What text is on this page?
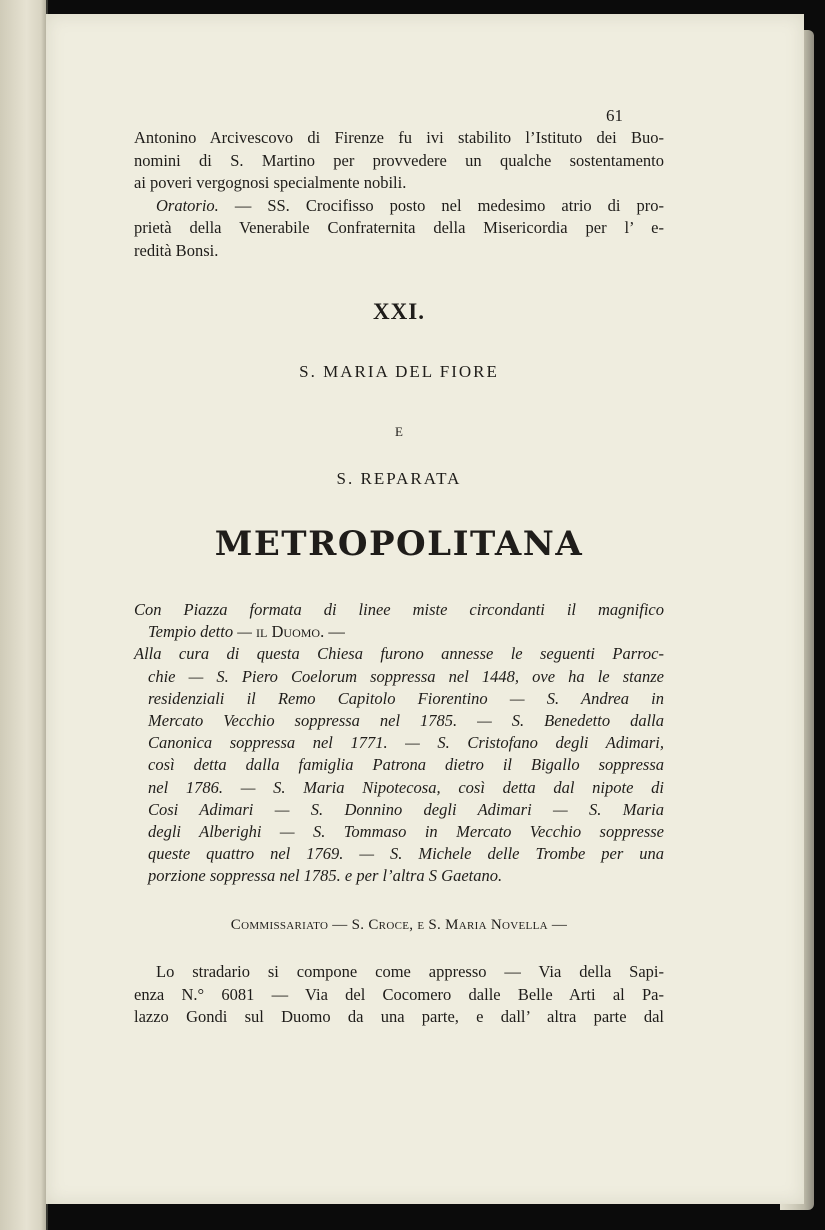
61

Antonino Arcivescovo di Firenze fu ivi stabilito l’Istituto dei Buo-
nomini di S. Martino per provvedere un qualche sostentamento
ai poveri vergognosi specialmente nobili.

Oratorio. — SS. Crocifisso posto nel medesimo atrio di pro-
prietà della Venerabile Confraternita della Misericordia per l’ e-
redità Bonsi.

XXI.
S. MARIA DEL FIORE
E
S. REPARATA
METROPOLITANA
Con Piazza formata di linee miste circondanti il magnifico
Tempio detto — il Duomo. —
Alla cura di questa Chiesa furono annesse le seguenti Parroc-
chie — S. Piero Coelorum soppressa nel 1448, ove ha le stanze
residenziali il Remo Capitolo Fiorentino — S. Andrea in
Mercato Vecchio soppressa nel 1785. — S. Benedetto dalla
Canonica soppressa nel 1771. — S. Cristofano degli Adimari,
così detta dalla famiglia Patrona dietro il Bigallo soppressa
nel 1786. — S. Maria Nipotecosa, così detta dal nipote di
Cosi Adimari — S. Donnino degli Adimari — S. Maria
degli Alberighi — S. Tommaso in Mercato Vecchio soppresse
queste quattro nel 1769. — S. Michele delle Trombe per una
porzione soppressa nel 1785. e per l’altra S Gaetano.
Commissariato — S. Croce, e S. Maria Novella —

Lo stradario si compone come appresso — Via della Sapi-
enza N.° 6081 — Via del Cocomero dalle Belle Arti al Pa-
lazzo Gondi sul Duomo da una parte, e dall’ altra parte dal
